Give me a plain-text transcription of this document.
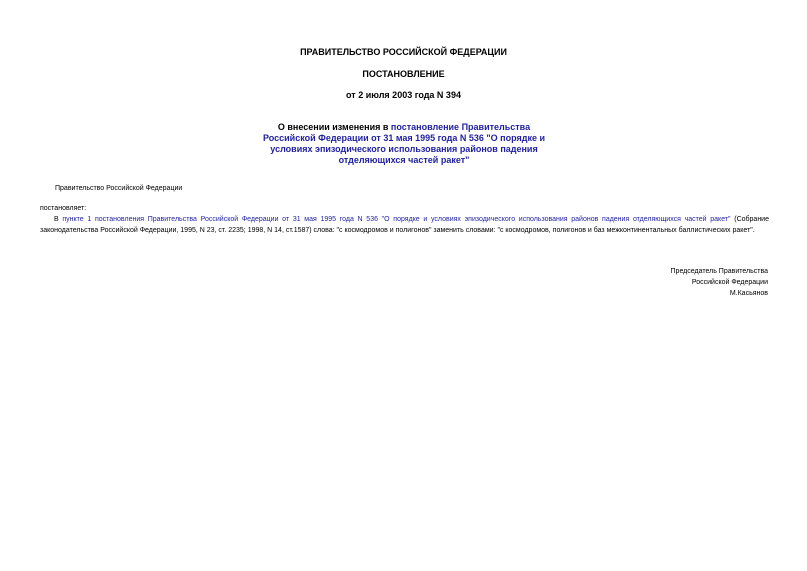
ПРАВИТЕЛЬСТВО РОССИЙСКОЙ ФЕДЕРАЦИИ
ПОСТАНОВЛЕНИЕ
от 2 июля 2003 года N 394
О внесении изменения в постановление Правительства Российской Федерации от 31 мая 1995 года N 536 "О порядке и условиях эпизодического использования районов падения отделяющихся частей ракет"
Правительство Российской Федерации
постановляет:
В пункте 1 постановления Правительства Российской Федерации от 31 мая 1995 года N 536 "О порядке и условиях эпизодического использования районов падения отделяющихся частей ракет" (Собрание законодательства Российской Федерации, 1995, N 23, ст. 2235; 1998, N 14, ст.1587) слова: "с космодромов и полигонов" заменить словами: "с космодромов, полигонов и баз межконтинентальных баллистических ракет".
Председатель Правительства
Российской Федерации
М.Касьянов
